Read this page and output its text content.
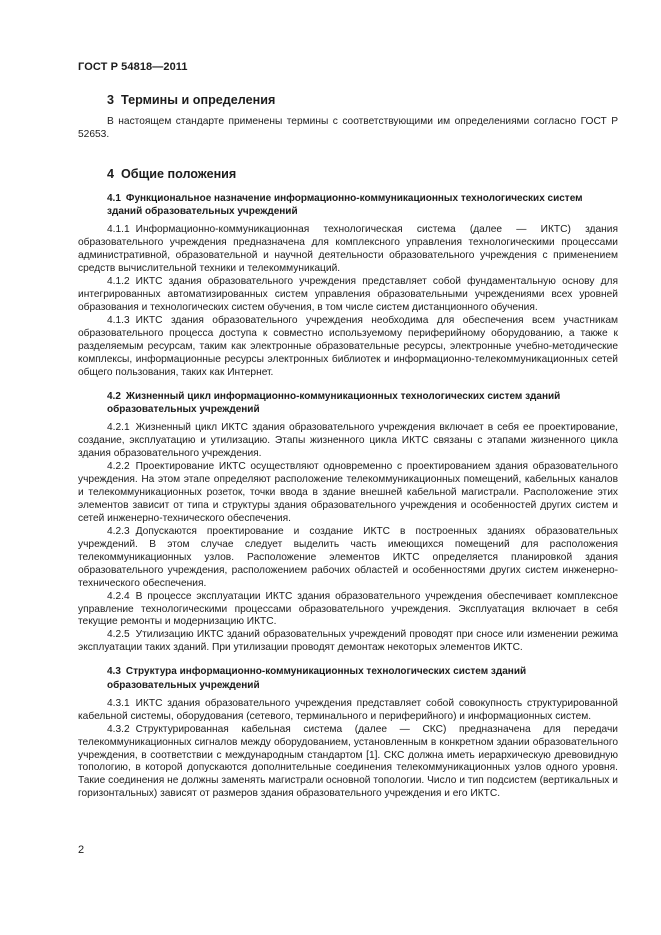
ГОСТ Р 54818—2011
3 Термины и определения

В настоящем стандарте применены термины с соответствующими им определениями согласно ГОСТ Р 52653.

4 Общие положения
4.1 Функциональное назначение информационно-коммуникационных технологических систем зданий образовательных учреждений

4.1.1 Информационно-коммуникационная технологическая система (далее — ИКТС) здания образовательного учреждения предназначена для комплексного управления технологическими процессами административной, образовательной и научной деятельности образовательного учреждения с применением средств вычислительной техники и телекоммуникаций.

4.1.2 ИКТС здания образовательного учреждения представляет собой фундаментальную основу для интегрированных автоматизированных систем управления образовательными учреждениями всех уровней образования и технологических систем обучения, в том числе систем дистанционного обучения.

4.1.3 ИКТС здания образовательного учреждения необходима для обеспечения всем участникам образовательного процесса доступа к совместно используемому периферийному оборудованию, а также к разделяемым ресурсам, таким как электронные образовательные ресурсы, электронные учебно-методические комплексы, информационные ресурсы электронных библиотек и информационно-телекоммуникационных сетей общего пользования, таких как Интернет.

4.2 Жизненный цикл информационно-коммуникационных технологических систем зданий образовательных учреждений

4.2.1 Жизненный цикл ИКТС здания образовательного учреждения включает в себя ее проектирование, создание, эксплуатацию и утилизацию. Этапы жизненного цикла ИКТС связаны с этапами жизненного цикла здания образовательного учреждения.

4.2.2 Проектирование ИКТС осуществляют одновременно с проектированием здания образовательного учреждения. На этом этапе определяют расположение телекоммуникационных помещений, кабельных каналов и телекоммуникационных розеток, точки ввода в здание внешней кабельной магистрали. Расположение этих элементов зависит от типа и структуры здания образовательного учреждения и особенностей других систем и сетей инженерно-технического обеспечения.

4.2.3 Допускаются проектирование и создание ИКТС в построенных зданиях образовательных учреждений. В этом случае следует выделить часть имеющихся помещений для расположения телекоммуникационных узлов. Расположение элементов ИКТС определяется планировкой здания образовательного учреждения, расположением рабочих областей и особенностями других систем инженерно-технического обеспечения.

4.2.4 В процессе эксплуатации ИКТС здания образовательного учреждения обеспечивает комплексное управление технологическими процессами образовательного учреждения. Эксплуатация включает в себя текущие ремонты и модернизацию ИКТС.

4.2.5 Утилизацию ИКТС зданий образовательных учреждений проводят при сносе или изменении режима эксплуатации таких зданий. При утилизации проводят демонтаж некоторых элементов ИКТС.

4.3 Структура информационно-коммуникационных технологических систем зданий образовательных учреждений

4.3.1 ИКТС здания образовательного учреждения представляет собой совокупность структурированной кабельной системы, оборудования (сетевого, терминального и периферийного) и информационных систем.

4.3.2 Структурированная кабельная система (далее — СКС) предназначена для передачи телекоммуникационных сигналов между оборудованием, установленным в конкретном здании образовательного учреждения, в соответствии с международным стандартом [1]. СКС должна иметь иерархическую древовидную топологию, в которой допускаются дополнительные соединения телекоммуникационных узлов одного уровня. Такие соединения не должны заменять магистрали основной топологии. Число и тип подсистем (вертикальных и горизонтальных) зависят от размеров здания образовательного учреждения и его ИКТС.

2
